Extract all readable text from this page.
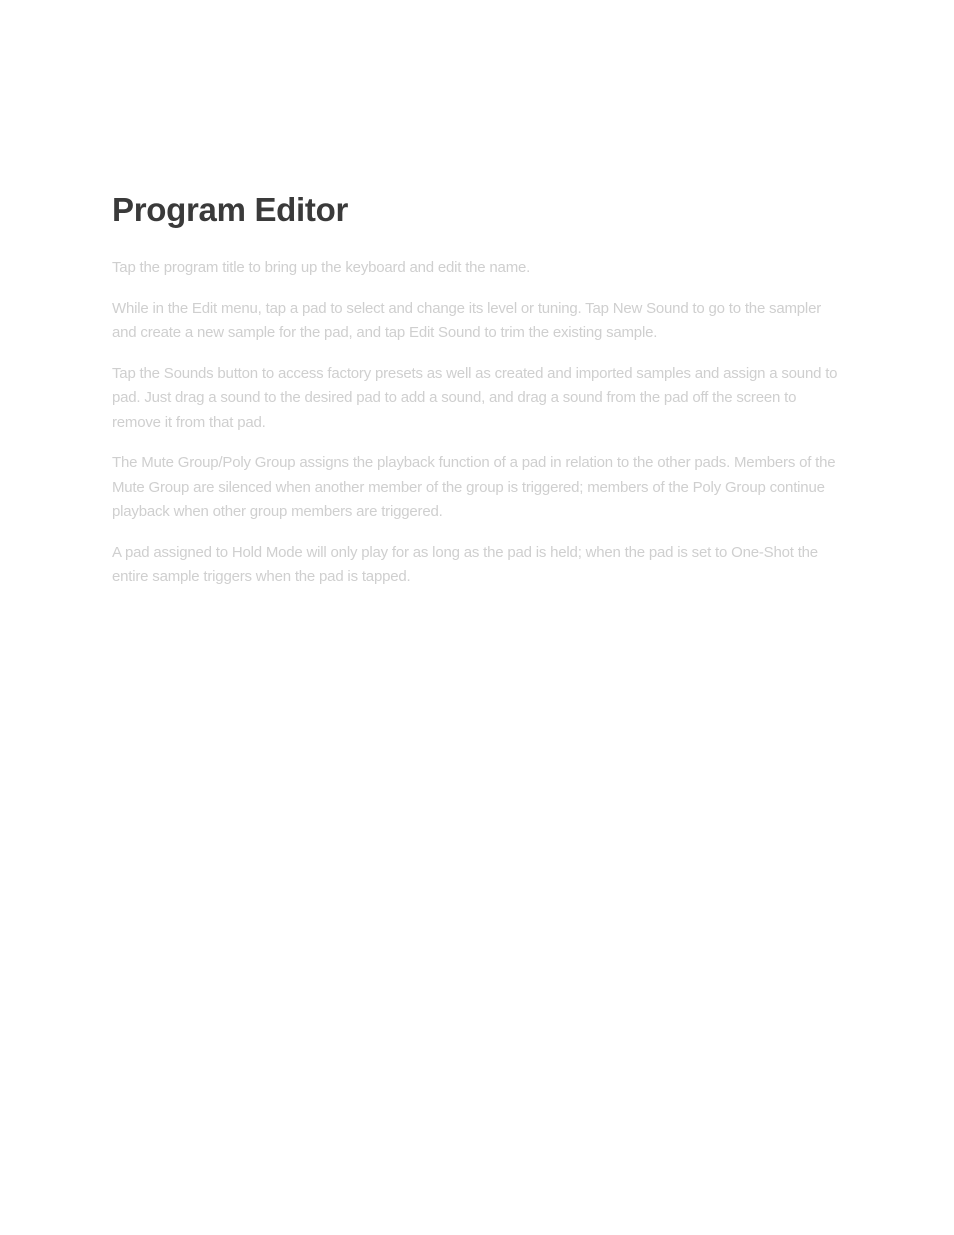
Program Editor

Tap the program title to bring up the keyboard and edit the name.

While in the Edit menu, tap a pad to select and change its level or tuning. Tap New Sound to go to the sampler and create a new sample for the pad, and tap Edit Sound to trim the existing sample.

Tap the Sounds button to access factory presets as well as created and imported samples and assign a sound to pad. Just drag a sound to the desired pad to add a sound, and drag a sound from the pad off the screen to remove it from that pad.

The Mute Group/Poly Group assigns the playback function of a pad in relation to the other pads. Members of the Mute Group are silenced when another member of the group is triggered; members of the Poly Group continue playback when other group members are triggered.

A pad assigned to Hold Mode will only play for as long as the pad is held; when the pad is set to One-Shot the entire sample triggers when the pad is tapped.
